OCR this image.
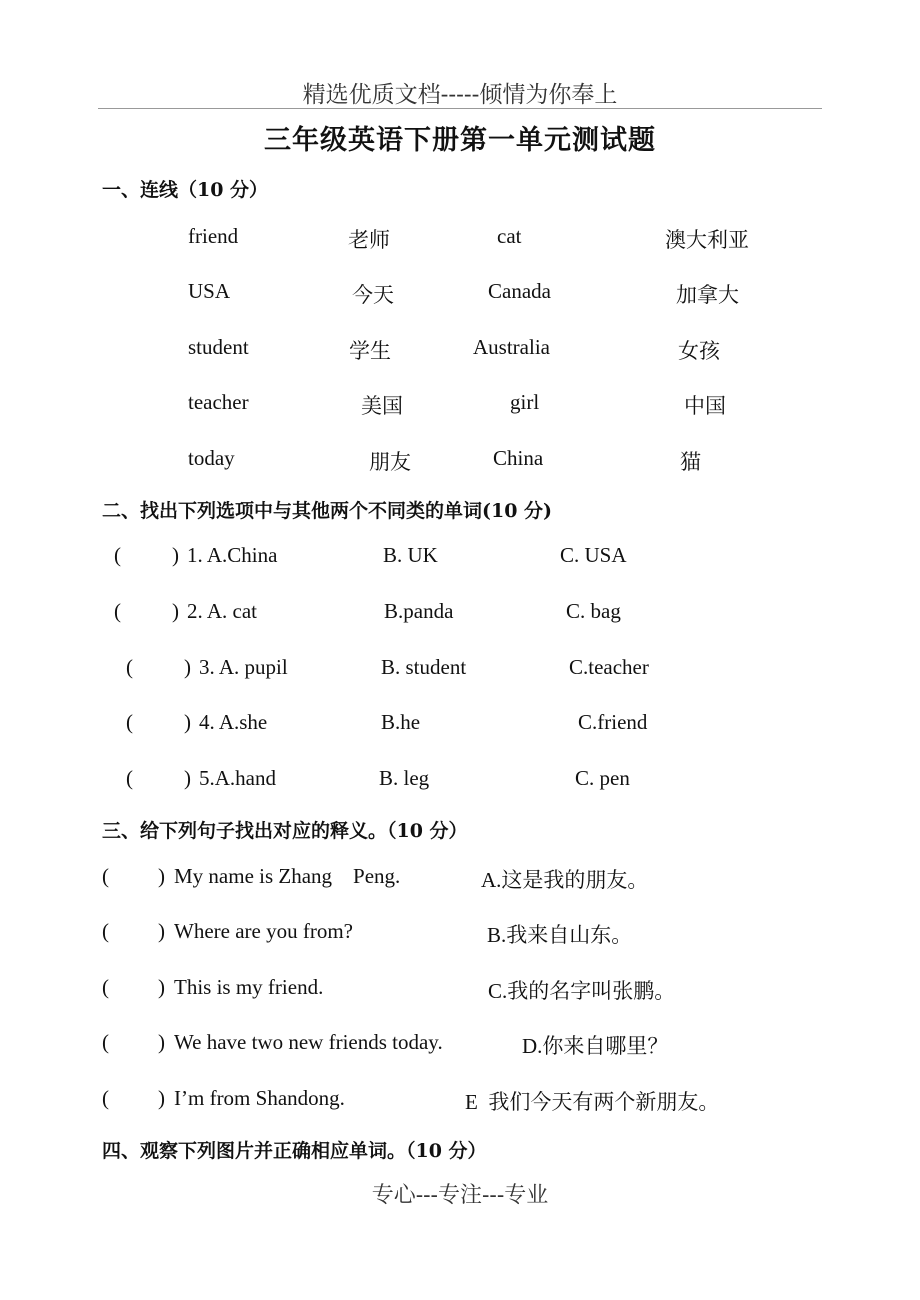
精选优质文档-----倾情为你奉上
三年级英语下册第一单元测试题
一、连线（10 分）
friend	老师	cat	澳大利亚
USA	今天	Canada	加拿大
student	学生	Australia	女孩
teacher	美国	girl	中国
today	朋友	China	猫
二、找出下列选项中与其他两个不同类的单词(10 分)
( ) 1. A.China	B. UK	C. USA
( ) 2. A. cat	B.panda	C. bag
( ) 3. A. pupil	B. student	C.teacher
( ) 4. A.she	B.he	C.friend
( ) 5.A.hand	B. leg	C. pen
三、给下列句子找出对应的释义。（10 分）
( ) My name is Zhang    Peng.	A.这是我的朋友。
( ) Where are you from?	B.我来自山东。
( ) This is my friend.	C.我的名字叫张鹏。
( ) We have two new friends today.	D.你来自哪里？
( ) I’m from Shandong.	E  我们今天有两个新朋友。
四、观察下列图片并正确相应单词。（10 分）
专心---专注---专业
